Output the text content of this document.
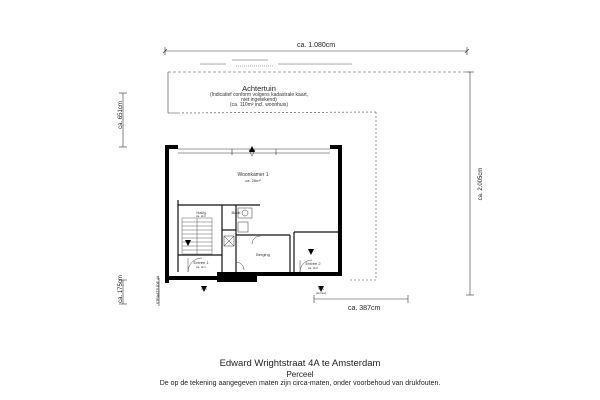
ca. 1.080cm
Achtertuin
(Indicatief conform volgens kadastrale kaart,
niet ingetekend)
(ca. 110m² incl. woonhuis)
ca. 651cm
ca. 175cm	STRAATZIJDE 4A
ca. 2.005cm
ca. 387cm
Woonkamer 1
ca. 26m²
Hal/g
ca. 2m²
Badk
Berging
Entree 1
ca. 4m²
Entree 2
ca. 4m²
4A	4A
(entree)
Edward Wrightstraat 4A te Amsterdam
Perceel
De op de tekening aangegeven maten zijn circa-maten, onder voorbehoud van drukfouten.
